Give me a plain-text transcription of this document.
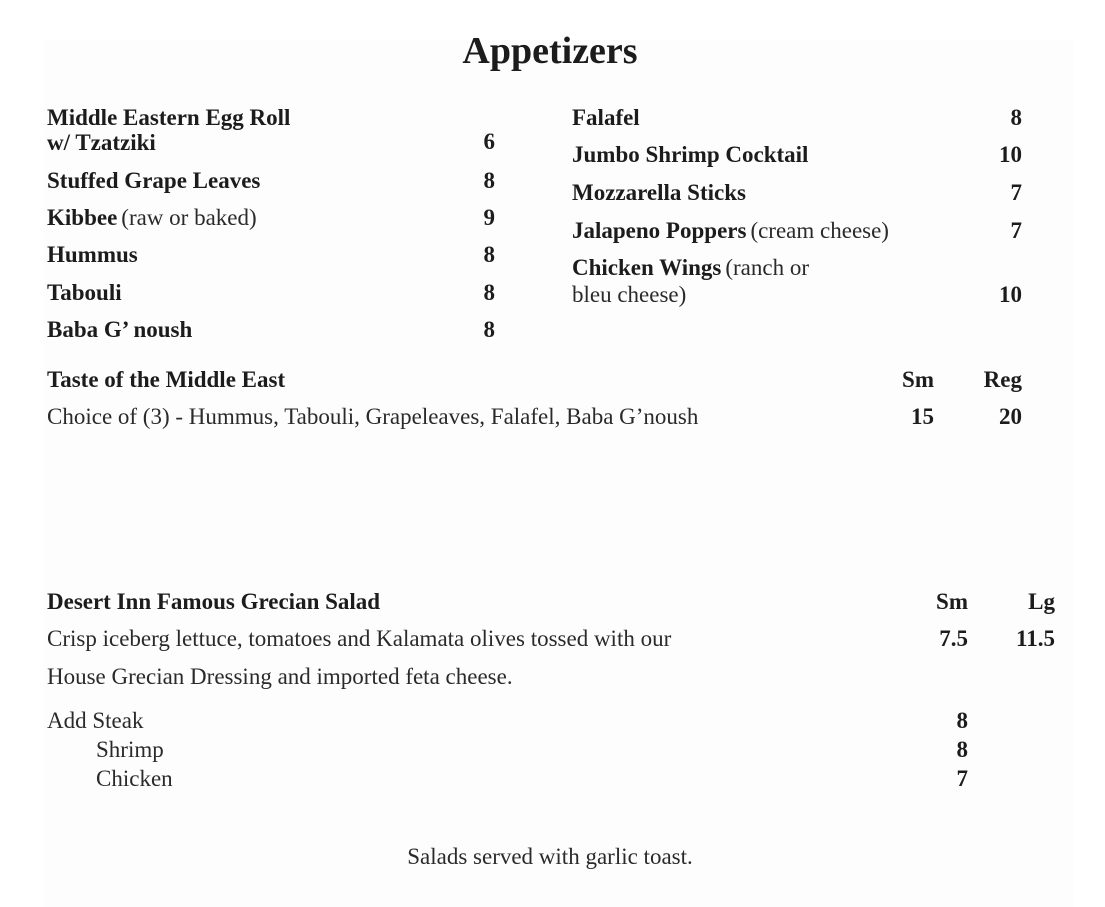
Appetizers
Middle Eastern Egg Roll
w/ Tzatziki	6
Stuffed Grape Leaves	8
Kibbee (raw or baked)	9
Hummus	8
Tabouli	8
Baba G’ noush	8
Falafel	8
Jumbo Shrimp Cocktail	10
Mozzarella Sticks	7
Jalapeno Poppers (cream cheese)	7
Chicken Wings (ranch or
bleu cheese)	10
Taste of the Middle East	Sm	Reg
Choice of (3) - Hummus, Tabouli, Grapeleaves, Falafel, Baba G’noush	15	20
Desert Inn Famous Grecian Salad	Sm	Lg
Crisp iceberg lettuce, tomatoes and Kalamata olives tossed with our	7.5	11.5
House Grecian Dressing and imported feta cheese.
Add Steak	8
Shrimp	8
Chicken	7
Salads served with garlic toast.
